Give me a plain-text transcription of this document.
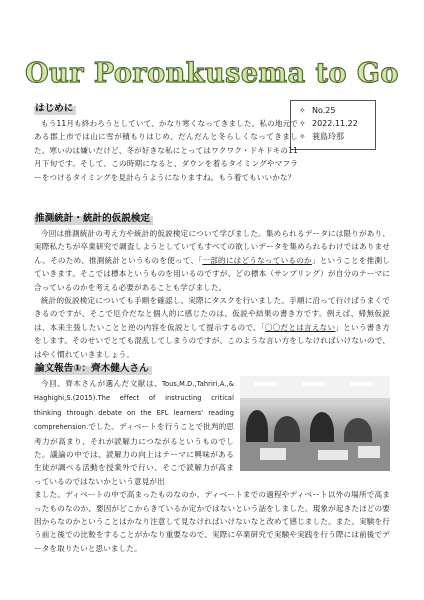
Our Poronkusema to Go
✧ No.25
✧ 2022.11.22
✧ 蓑島玲那
はじめに

もう11月も終わろうとしていて、かなり寒くなってきました。私の地元である郡上市では山に雪が積もりはじめ、だんだんと冬らしくなってきました。寒いのは嫌いだけど、冬が好きな私にとってはワクワク・ドキドキの11月下旬です。そして、この時期になると、ダウンを着るタイミングやマフラーをつけるタイミングを見計らうようになりますね。もう着てもいいかな？

推測統計・統計的仮説検定

今回は推測統計の考え方や統計的仮説検定について学びました。集められるデータには限りがあり、実際私たちが卒業研究で調査しようとしていてもすべての欲しいデータを集められるわけではありません。そのため、推測統計というものを使って、「一部的にはどうなっているのか」ということを推測していきます。そこでは標本というものを用いるのですが、どの標本（サンプリング）が自分のテーマに合っているのかを考える必要があることも学びました。

統計的仮説検定についても手順を確認し、実際にタスクを行いました。手順に沿って行けばうまくできるのですが、そこで厄介だなと個人的に感じたのは、仮説や結果の書き方です。例えば、帰無仮説は、本来主張したいことと逆の内容を仮説として提示するので、「〇〇だとは言えない」という書き方をします。そのせいでとても混乱してしまうのですが、このような言い方をしなければいけないので、はやく慣れていきましょう。

論文報告①：齊木健人さん

今回、齊木さんが選んだ文献は、Tous,M.D.,Tahriri,A.,& Haghighi,S.(2015).The effect of instructing critical thinking through debate on the EFL learners' reading comprehension.でした。ディベートを行うことで批判的思考力が高まり、それが読解力につながるというものでした。議論の中では、読解力の向上はテーマに興味がある生徒が調べる活動を授業外で行い、そこで読解力が高まっているのではないかという意見が出

ました。ディベートの中で高まったものなのか、ディベートまでの過程やディベート以外の場所で高まったものなのか、要因がどこからきているか定かではないという話をしました。現象が起きたほどの要因からなのかということはかなり注意して見なければいけないなと改めて感じました。また、実験を行う前と後での比較をすることがかなり重要なので、実際に卒業研究で実験や実践を行う際には前後でデータを取りたいと思いました。
